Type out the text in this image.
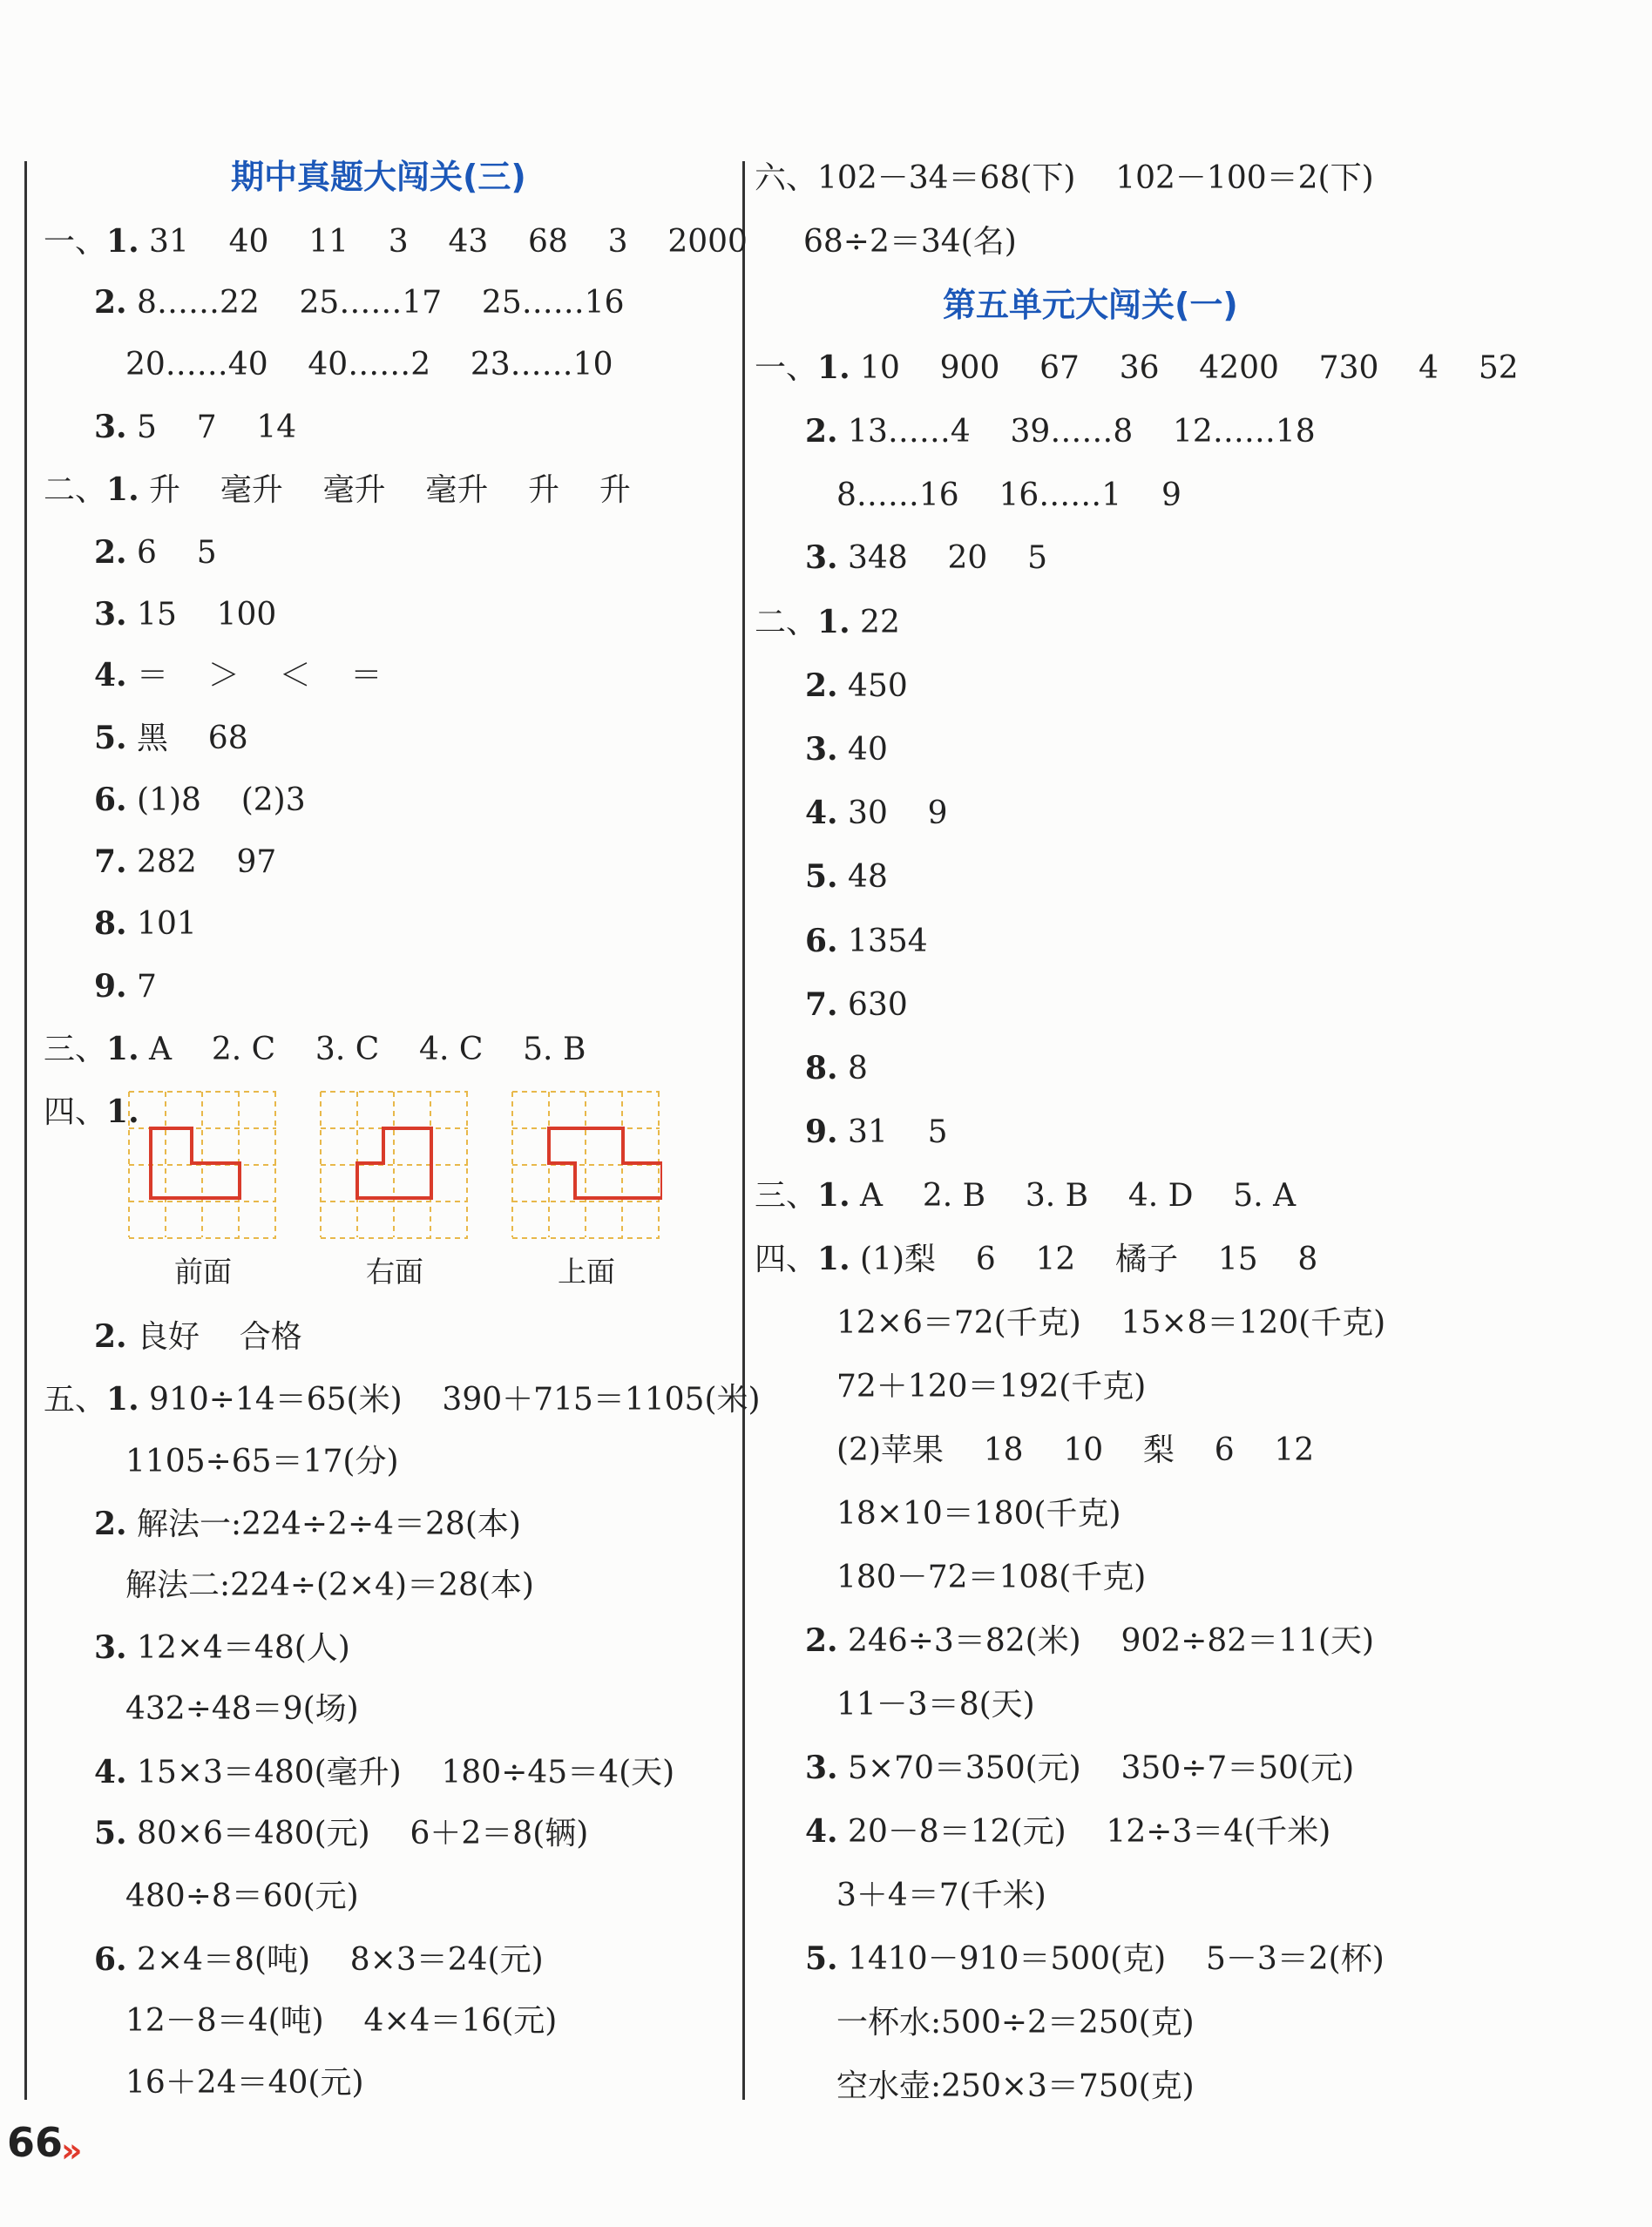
期中真题大闯关(三)
一、1. 31    40    11    3    43    68    3    2000
2. 8……22    25……17    25……16
20……40    40……2    23……10
3. 5    7    14
二、1. 升    毫升    毫升    毫升    升    升
2. 6    5
3. 15    100
4. ＝    ＞    ＜    ＝
5. 黑    68
6. (1)8    (2)3
7. 282    97
8. 101
9. 7
三、1. A    2. C    3. C    4. C    5. B
四、1.
2. 良好    合格
五、1. 910÷14＝65(米)    390＋715＝1105(米)
1105÷65＝17(分)
2. 解法一:224÷2÷4＝28(本)
解法二:224÷(2×4)＝28(本)
3. 12×4＝48(人)
432÷48＝9(场)
4. 15×3＝480(毫升)    180÷45＝4(天)
5. 80×6＝480(元)    6＋2＝8(辆)
480÷8＝60(元)
6. 2×4＝8(吨)    8×3＝24(元)
12－8＝4(吨)    4×4＝16(元)
16＋24＝40(元)
前面	右面	上面
六、102－34＝68(下)    102－100＝2(下)
68÷2＝34(名)
第五单元大闯关(一)
一、1. 10    900    67    36    4200    730    4    52
2. 13……4    39……8    12……18
8……16    16……1    9
3. 348    20    5
二、1. 22
2. 450
3. 40
4. 30    9
5. 48
6. 1354
7. 630
8. 8
9. 31    5
三、1. A    2. B    3. B    4. D    5. A
四、1. (1)梨    6    12    橘子    15    8
12×6＝72(千克)    15×8＝120(千克)
72＋120＝192(千克)
(2)苹果    18    10    梨    6    12
18×10＝180(千克)
180－72＝108(千克)
2. 246÷3＝82(米)    902÷82＝11(天)
11－3＝8(天)
3. 5×70＝350(元)    350÷7＝50(元)
4. 20－8＝12(元)    12÷3＝4(千米)
3＋4＝7(千米)
5. 1410－910＝500(克)    5－3＝2(杯)
一杯水:500÷2＝250(克)
空水壶:250×3＝750(克)
66
»
